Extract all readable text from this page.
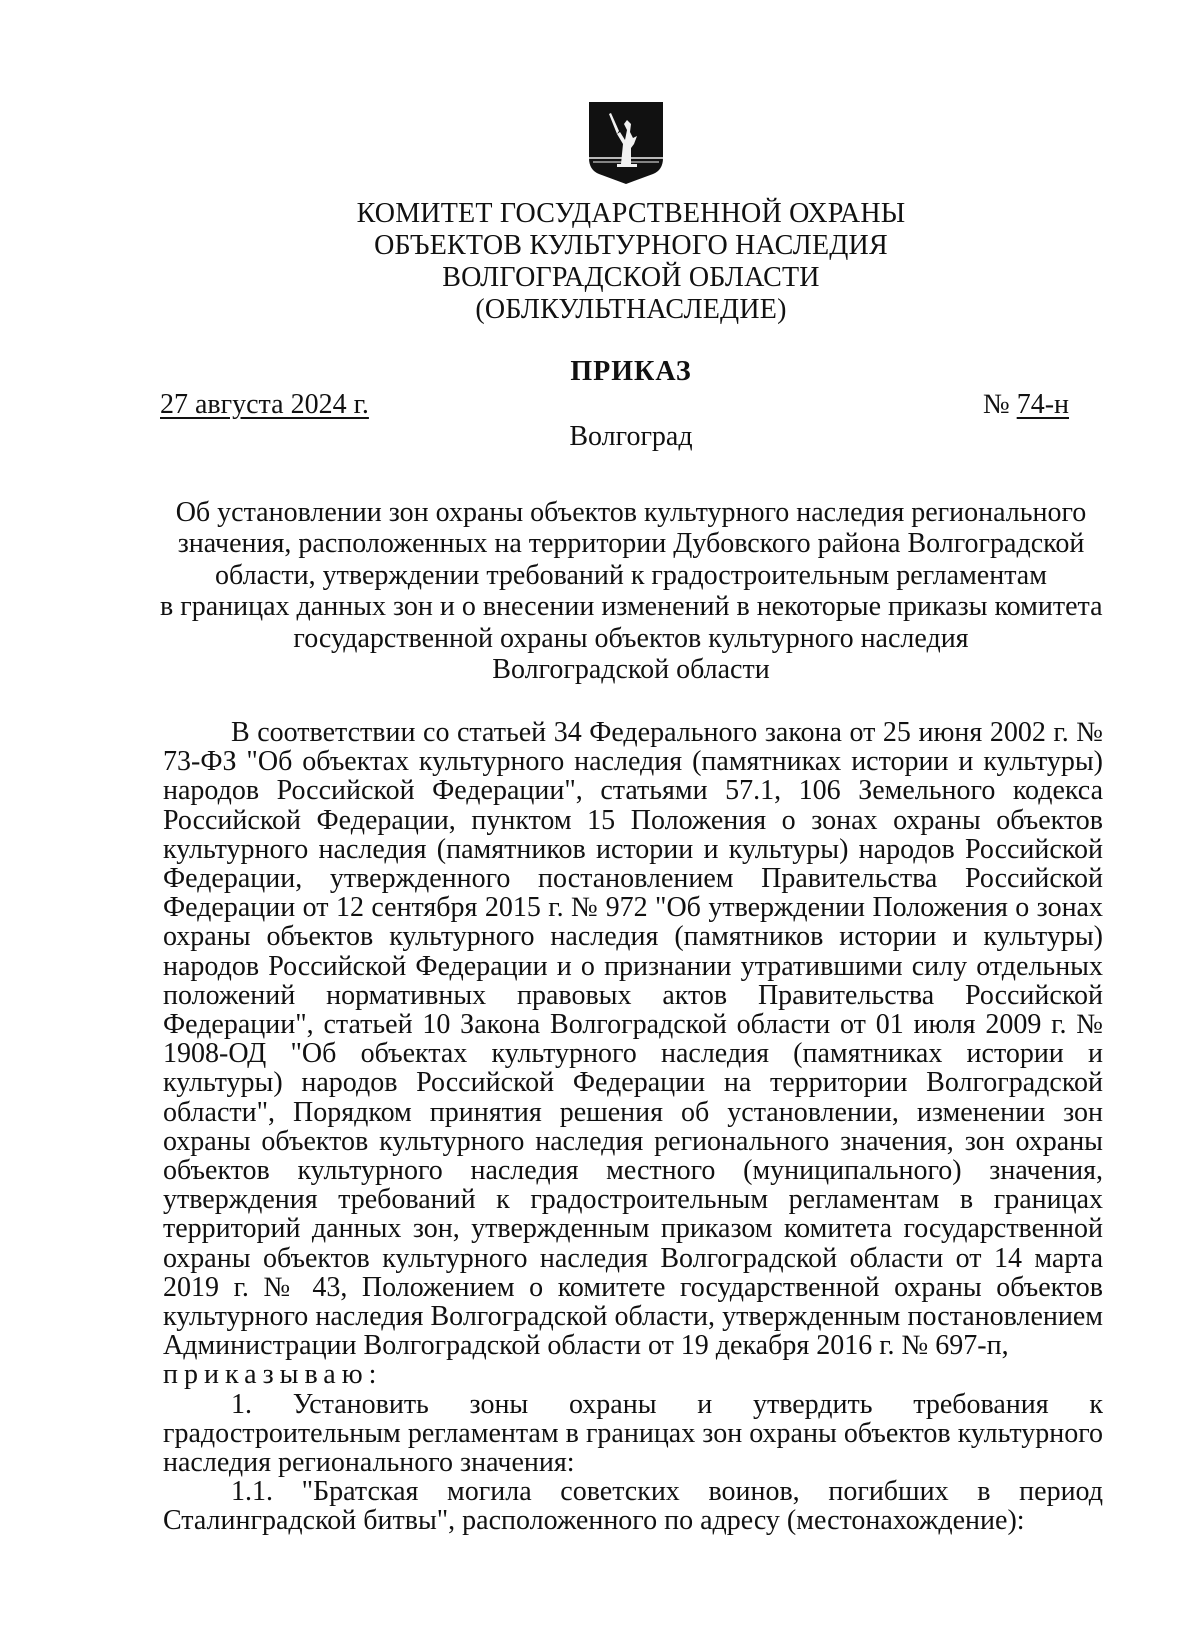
КОМИТЕТ ГОСУДАРСТВЕННОЙ ОХРАНЫ
ОБЪЕКТОВ КУЛЬТУРНОГО НАСЛЕДИЯ
ВОЛГОГРАДСКОЙ ОБЛАСТИ
(ОБЛКУЛЬТНАСЛЕДИЕ)
ПРИКАЗ
27 августа 2024 г.	№ 74-н
Волгоград
Об установлении зон охраны объектов культурного наследия регионального
значения, расположенных на территории Дубовского района Волгоградской
области, утверждении требований к градостроительным регламентам
в границах данных зон и о внесении изменений в некоторые приказы комитета
государственной охраны объектов культурного наследия
Волгоградской области

В соответствии со статьей 34 Федерального закона от 25 июня 2002 г. № 73-ФЗ "Об объектах культурного наследия (памятниках истории и культуры) народов Российской Федерации", статьями 57.1, 106 Земельного кодекса Российской Федерации, пунктом 15 Положения о зонах охраны объектов культурного наследия (памятников истории и культуры) народов Российской Федерации, утвержденного постановлением Правительства Российской Федерации от 12 сентября 2015 г. № 972 "Об утверждении Положения о зонах охраны объектов культурного наследия (памятников истории и культуры) народов Российской Федерации и о признании утратившими силу отдельных положений нормативных правовых актов Правительства Российской Федерации", статьей 10 Закона Волгоградской области от 01 июля 2009 г. № 1908-ОД "Об объектах культурного наследия (памятниках истории и культуры) народов Российской Федерации на территории Волгоградской области", Порядком принятия решения об установлении, изменении зон охраны объектов культурного наследия регионального значения, зон охраны объектов культурного наследия местного (муниципального) значения, утверждения требований к градостроительным регламентам в границах территорий данных зон, утвержденным приказом комитета государственной охраны объектов культурного наследия Волгоградской области от 14 марта 2019 г. № 43, Положением о комитете государственной охраны объектов культурного наследия Волгоградской области, утвержденным постановлением Администрации Волгоградской области от 19 декабря 2016 г. № 697-п,

приказываю:

1. Установить зоны охраны и утвердить требования к градостроительным регламентам в границах зон охраны объектов культурного наследия регионального значения:

1.1. "Братская могила советских воинов, погибших в период Сталинградской битвы", расположенного по адресу (местонахождение):
